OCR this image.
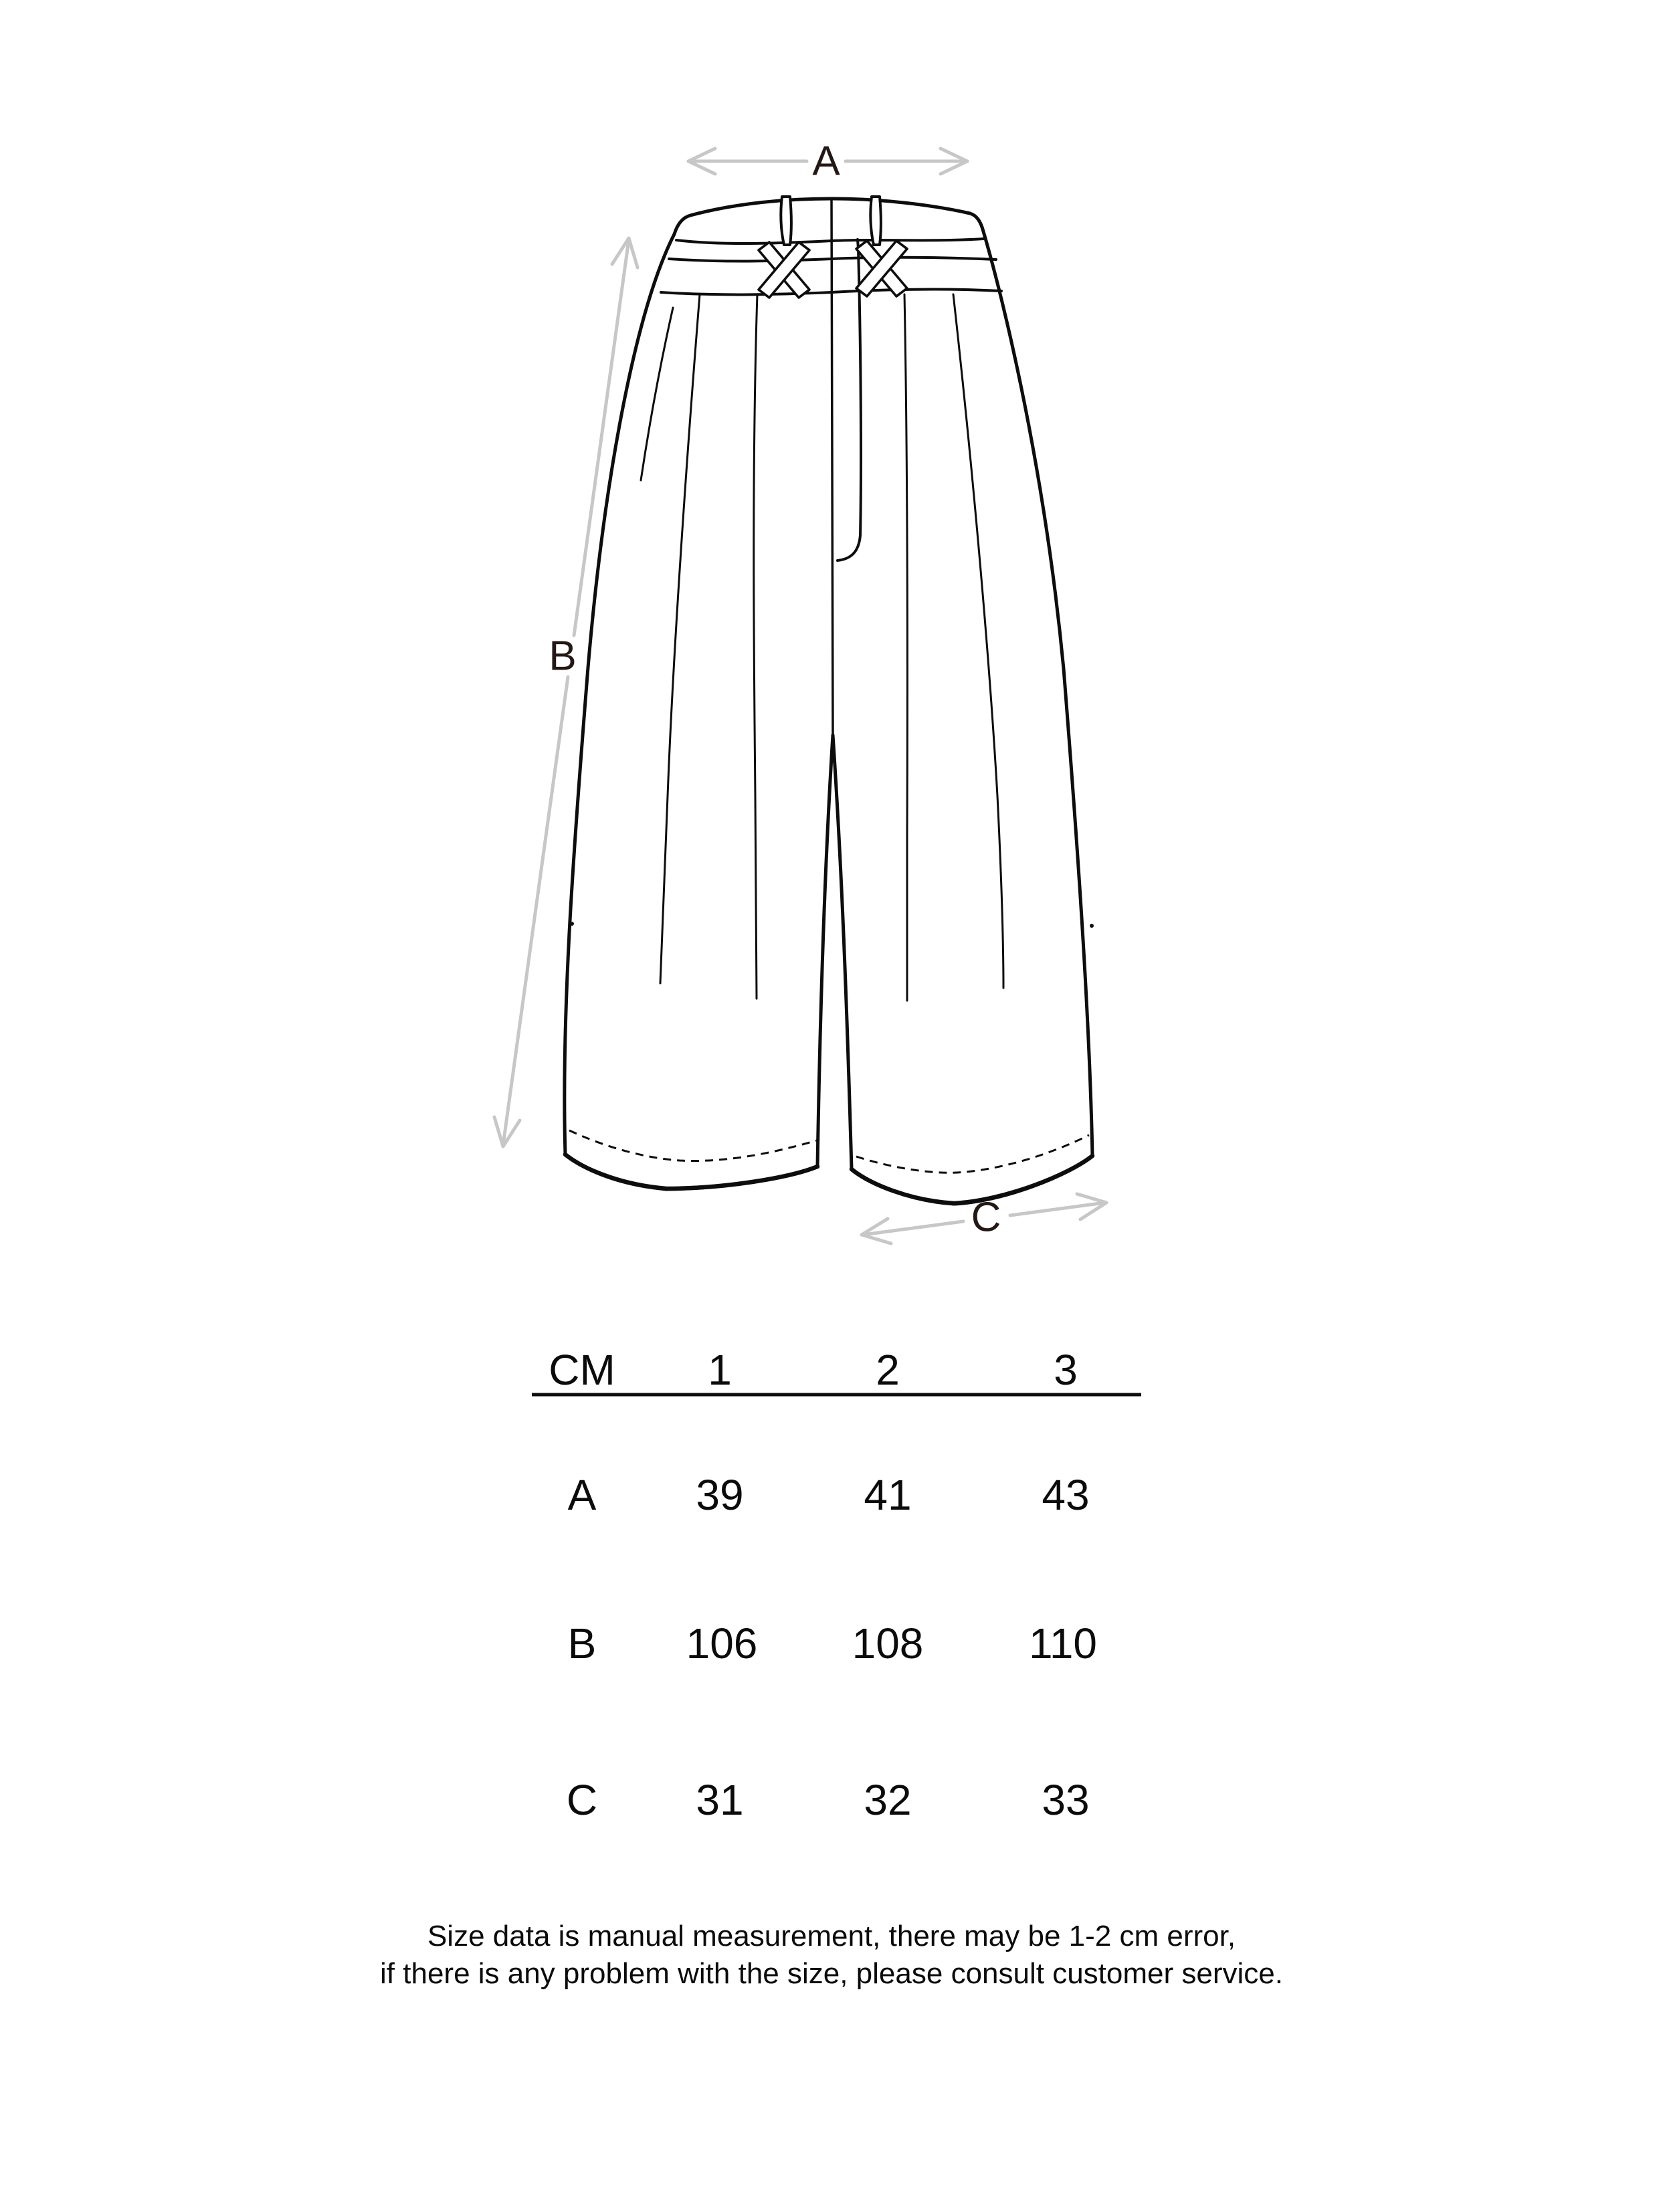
A
B
C
CM 1	2	3
A 39	41	43
B 106 108 110
C 31	32	33
Size data is manual measurement, there may be 1-2 cm error,
if there is any problem with the size, please consult customer service.
